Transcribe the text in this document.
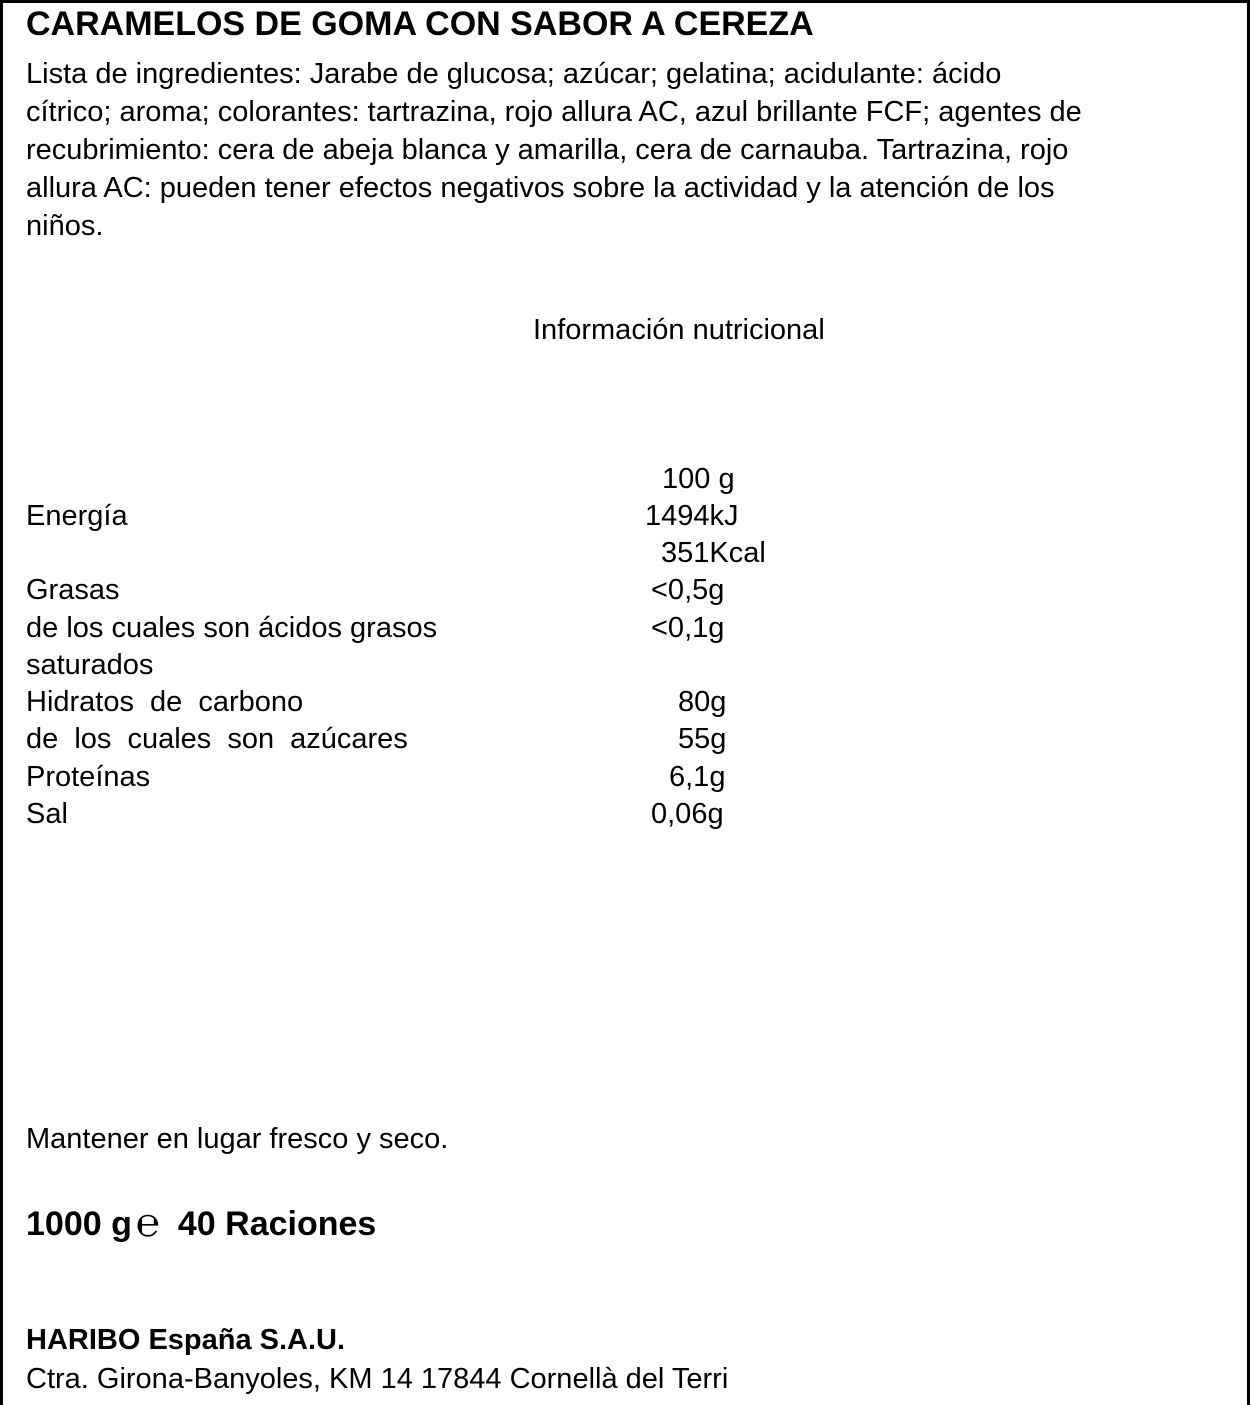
CARAMELOS DE GOMA CON SABOR A CEREZA
Lista de ingredientes: Jarabe de glucosa; azúcar; gelatina; acidulante: ácido
cítrico; aroma; colorantes: tartrazina, rojo allura AC, azul brillante FCF; agentes de
recubrimiento: cera de abeja blanca y amarilla, cera de carnauba. Tartrazina, rojo
allura AC: pueden tener efectos negativos sobre la actividad y la atención de los
niños.
Información nutricional
100 g
Energía	1494kJ
351Kcal
Grasas	<0,5g
de los cuales son ácidos grasos	<0,1g
saturados
Hidratos de carbono	80g
de los cuales son azúcares	55g
Proteínas	6,1g
Sal	0,06g
Mantener en lugar fresco y seco.
1000 g ℮ 40 Raciones
HARIBO España S.A.U.
Ctra. Girona-Banyoles, KM 14 17844 Cornellà del Terri
